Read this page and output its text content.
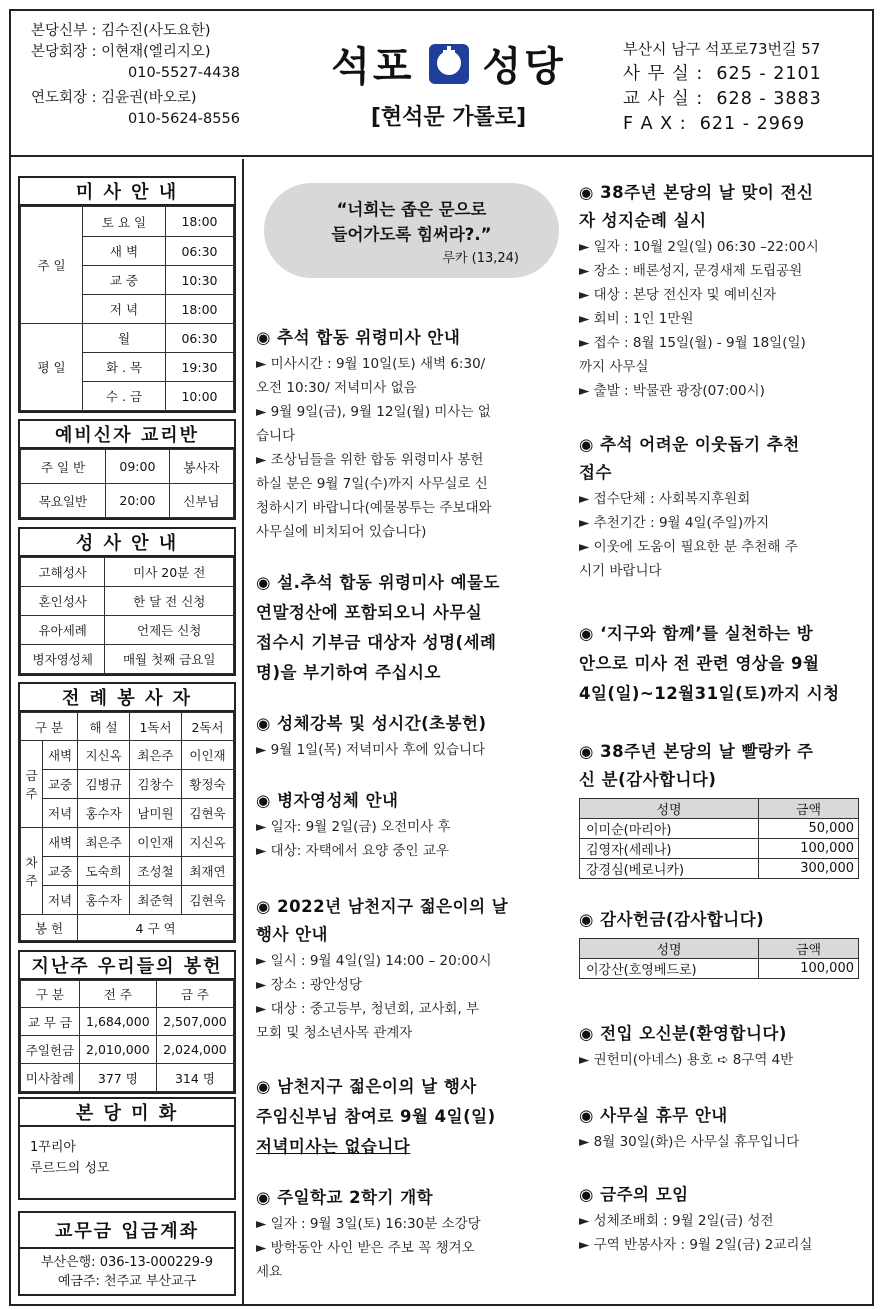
본당신부 : 김수진(사도요한)
본당회장 : 이현재(엘리지오)
010-5527-4438
연도회장 : 김윤권(바오로)
010-5624-8556
석포 성당
[현석문 가롤로]
부산시 남구 석포로73번길 57
사 무 실 :  625 - 2101
교 사 실 :  628 - 3883
F A X :  621 - 2969
미 사 안 내
주 일	토 요 일	18:00
	새 벽	06:30
	교 중	10:30
	저 녁	18:00
평 일	월	06:30
	화 . 목	19:30
	수 . 금	10:00
예비신자 교리반
주 일 반	09:00	봉사자
목요일반	20:00	신부님
성 사 안 내
고해성사	미사 20분 전
혼인성사	한 달 전 신청
유아세례	언제든 신청
병자영성체	매월 첫째 금요일
전 례 봉 사 자
구 분		해 설	1독서	2독서
금주	새벽	지신옥	최은주	이인재
	교중	김병규	김창수	황정숙
	저녁	홍수자	남미원	김현욱
차주	새벽	최은주	이인재	지신옥
	교중	도숙희	조성철	최재연
	저녁	홍수자	최준혁	김현욱
봉 헌		4 구 역		
지난주 우리들의 봉헌
구 분	전 주	금 주
교 무 금	1,684,000	2,507,000
주일헌금	2,010,000	2,024,000
미사참례	377 명	314 명
본 당 미 화
1꾸리아
루르드의 성모
교무금 입금계좌
부산은행: 036-13-000229-9
예금주: 천주교 부산교구
“너희는 좁은 문으로
들어가도록 힘써라?.”
루카 (13,24)
◉ 추석 합동 위령미사 안내
► 미사시간 : 9월 10일(토) 새벽 6:30/
오전 10:30/ 저녁미사 없음
► 9월 9일(금), 9월 12일(월) 미사는 없
습니다
► 조상님들을 위한 합동 위령미사 봉헌
하실 분은 9월 7일(수)까지 사무실로 신
청하시기 바랍니다(예물봉투는 주보대와
사무실에 비치되어 있습니다)
◉ 설.추석 합동 위령미사 예물도
연말정산에 포함되오니 사무실
접수시 기부금 대상자 성명(세례
명)을 부기하여 주십시오
◉ 성체강복 및 성시간(초봉헌)
► 9월 1일(목) 저녁미사 후에 있습니다
◉ 병자영성체 안내
► 일자: 9월 2일(금) 오전미사 후
► 대상: 자택에서 요양 중인 교우
◉ 2022년 남천지구 젊은이의 날
행사 안내
► 일시 : 9월 4일(일) 14:00 – 20:00시
► 장소 : 광안성당
► 대상 : 중고등부, 청년회, 교사회, 부
모회 및 청소년사목 관계자
◉ 남천지구 젊은이의 날 행사
주임신부님 참여로 9월 4일(일)
저녁미사는 없습니다
◉ 주일학교 2학기 개학
► 일자 : 9월 3일(토) 16:30분 소강당
► 방학동안 사인 받은 주보 꼭 챙겨오
세요
◉ 38주년 본당의 날 맞이 전신
자 성지순례 실시
► 일자 : 10월 2일(일) 06:30 –22:00시
► 장소 : 배론성지, 문경새제 도립공원
► 대상 : 본당 전신자 및 예비신자
► 회비 : 1인 1만원
► 접수 : 8월 15일(월) - 9월 18일(일)
까지 사무실
► 출발 : 박물관 광장(07:00시)
◉ 추석 어려운 이웃돕기 추천
접수
► 접수단체 : 사회복지후원회
► 추천기간 : 9월 4일(주일)까지
► 이웃에 도움이 필요한 분 추천해 주
시기 바랍니다
◉ ‘지구와 함께’를 실천하는 방
안으로 미사 전 관련 영상을 9월
4일(일)~12월31일(토)까지 시청
◉ 38주년 본당의 날 빨랑카 주
신 분(감사합니다)
성명	금액
이미순(마리아)	50,000
김영자(세레나)	100,000
강경심(베로니카)	300,000
◉ 감사헌금(감사합니다)
성명	금액
이강산(호영베드로)	100,000
◉ 전입 오신분(환영합니다)
► 권헌미(아네스) 용호 ➪ 8구역 4반
◉ 사무실 휴무 안내
► 8월 30일(화)은 사무실 휴무입니다
◉ 금주의 모임
► 성체조배회 : 9월 2일(금) 성전
► 구역 반봉사자 : 9월 2일(금) 2교리실
